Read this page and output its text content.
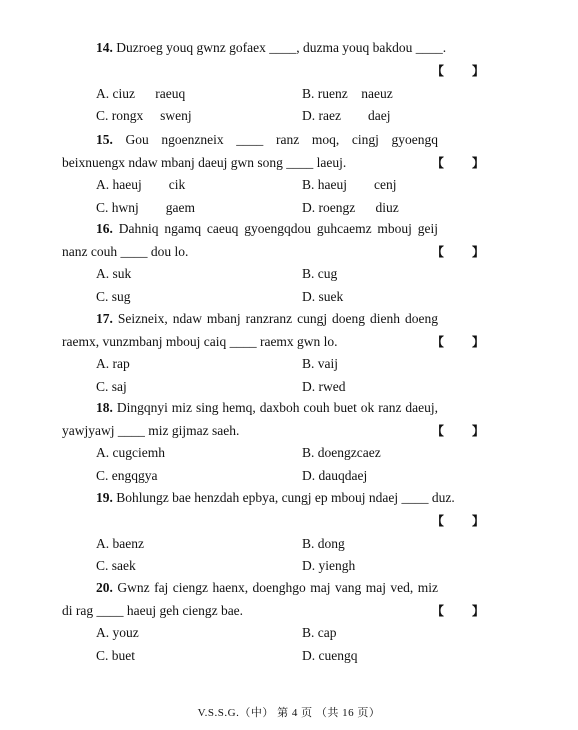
14. Duzroeg youq gwnz gofaex ____, duzma youq bakdou ____.

【 】
A. ciuz      raeuq	B. ruenz    naeuz
C. rongx     swenj	D. raez        daej
【 】

15. Gou ngoenzneix ____ ranz moq, cingj gyoengq beixnuengx ndaw mbanj daeuj gwn song ____ laeuj.

A. haeuj        cik	B. haeuj        cenj
C. hwnj        gaem	D. roengz      diuz
【 】

16. Dahniq ngamq caeuq gyoengqdou guhcaemz mbouj geij nanz couh ____ dou lo.

A. suk	B. cug
C. sug	D. suek
【 】

17. Seizneix, ndaw mbanj ranzranz cungj doeng dienh doeng raemx, vunzmbanj mbouj caiq ____ raemx gwn lo.

A. rap	B. vaij
C. saj	D. rwed
【 】

18. Dingqnyi miz sing hemq, daxboh couh buet ok ranz daeuj, yawjyawj ____ miz gijmaz saeh.

A. cugciemh	B. doengzcaez
C. engqgya	D. dauqdaej

19. Bohlungz bae henzdah epbya, cungj ep mbouj ndaej ____ duz.

【 】
A. baenz	B. dong
C. saek	D. yiengh
【 】

20. Gwnz faj ciengz haenx, doenghgo maj vang maj ved, miz di rag ____ haeuj geh ciengz bae.

A. youz	B. cap
C. buet	D. cuengq
V.S.S.G.（中） 第 4 页 （共 16 页）
